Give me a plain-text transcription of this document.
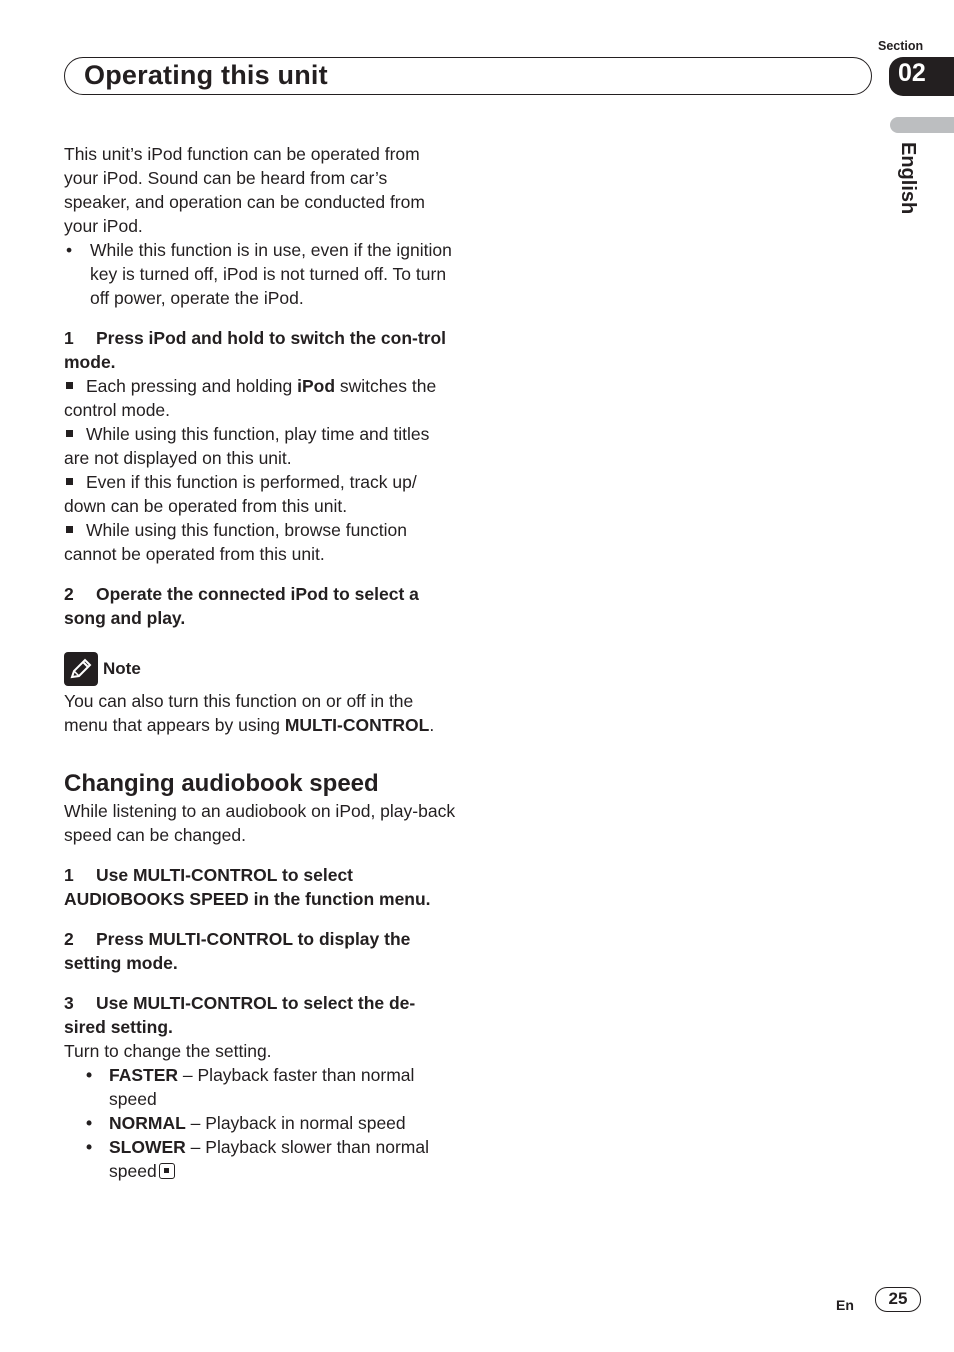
Operating this unit
Section
02
English

This unit’s iPod function can be operated from your iPod. Sound can be heard from car’s speaker, and operation can be conducted from your iPod.

• While this function is in use, even if the ignition key is turned off, iPod is not turned off. To turn off power, operate the iPod.
1 Press iPod and hold to switch the con-trol mode.
Each pressing and holding iPod switches the control mode.
While using this function, play time and titles are not displayed on this unit.
Even if this function is performed, track up/ down can be operated from this unit.
While using this function, browse function cannot be operated from this unit.
2 Operate the connected iPod to select a song and play.
Note

You can also turn this function on or off in the menu that appears by using MULTI-CONTROL.

Changing audiobook speed

While listening to an audiobook on iPod, play-back speed can be changed.

1 Use MULTI-CONTROL to select AUDIOBOOKS SPEED in the function menu.
2 Press MULTI-CONTROL to display the setting mode.
3 Use MULTI-CONTROL to select the de-sired setting.

Turn to change the setting.

• FASTER – Playback faster than normal speed
• NORMAL – Playback in normal speed
• SLOWER – Playback slower than normal speed
En	25
